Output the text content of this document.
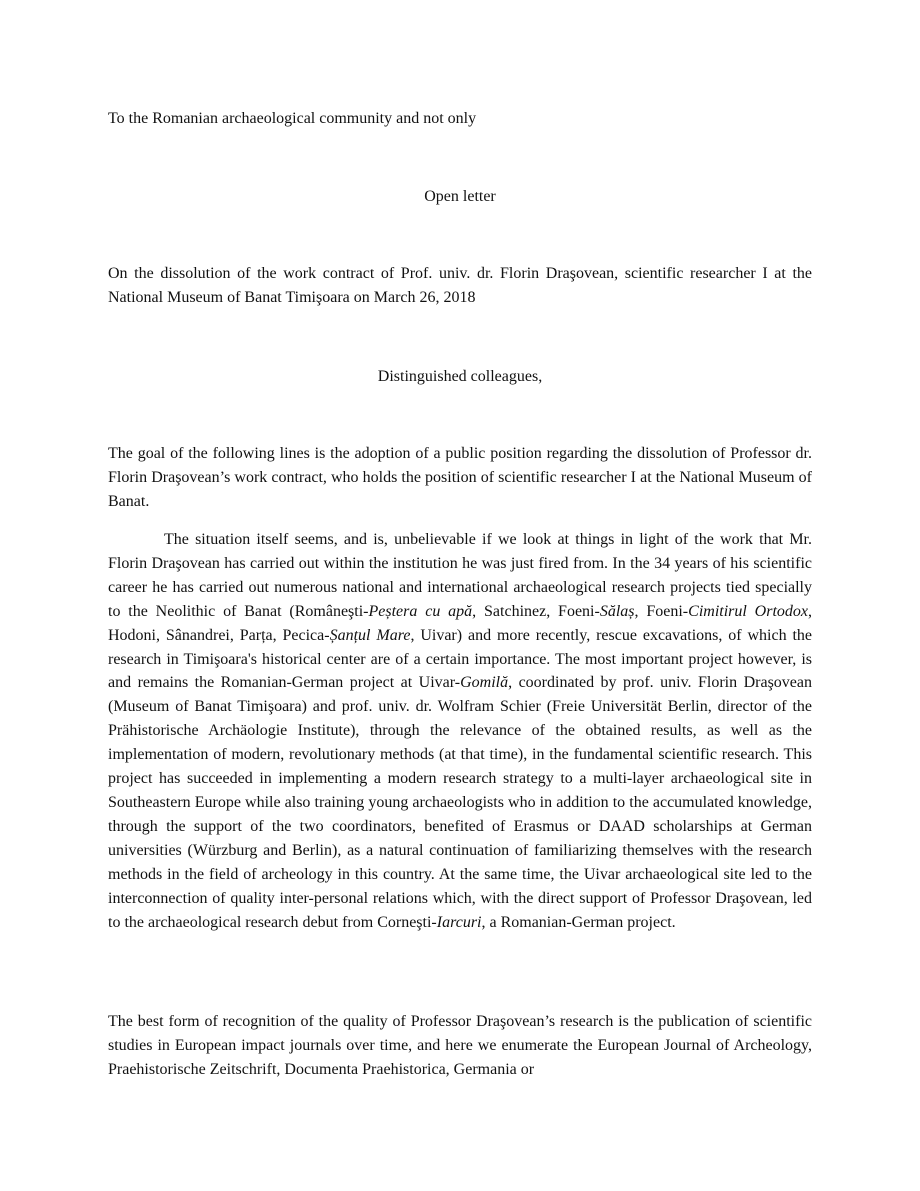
To the Romanian archaeological community and not only
Open letter
On the dissolution of the work contract of Prof. univ. dr. Florin Draşovean, scientific researcher I at the National Museum of Banat Timişoara on March 26, 2018
Distinguished colleagues,
The goal of the following lines is the adoption of a public position regarding the dissolution of Professor dr. Florin Draşovean’s work contract, who holds the position of scientific researcher I at the National Museum of Banat.
The situation itself seems, and is, unbelievable if we look at things in light of the work that Mr. Florin Draşovean has carried out within the institution he was just fired from. In the 34 years of his scientific career he has carried out numerous national and international archaeological research projects tied specially to the Neolithic of Banat (Româneşti-Peștera cu apă, Satchinez, Foeni-Sălaș, Foeni-Cimitirul Ortodox, Hodoni, Sânandrei, Parța, Pecica-Șanțul Mare, Uivar) and more recently, rescue excavations, of which the research in Timişoara's historical center are of a certain importance. The most important project however, is and remains the Romanian-German project at Uivar-Gomilă, coordinated by prof. univ. Florin Draşovean (Museum of Banat Timişoara) and prof. univ. dr. Wolfram Schier (Freie Universität Berlin, director of the Prähistorische Archäologie Institute), through the relevance of the obtained results, as well as the implementation of modern, revolutionary methods (at that time), in the fundamental scientific research. This project has succeeded in implementing a modern research strategy to a multi-layer archaeological site in Southeastern Europe while also training young archaeologists who in addition to the accumulated knowledge, through the support of the two coordinators, benefited of Erasmus or DAAD scholarships at German universities (Würzburg and Berlin), as a natural continuation of familiarizing themselves with the research methods in the field of archeology in this country. At the same time, the Uivar archaeological site led to the interconnection of quality inter-personal relations which, with the direct support of Professor Draşovean, led to the archaeological research debut from Corneşti-Iarcuri, a Romanian-German project.
The best form of recognition of the quality of Professor Draşovean’s research is the publication of scientific studies in European impact journals over time, and here we enumerate the European Journal of Archeology, Praehistorische Zeitschrift, Documenta Praehistorica, Germania or
